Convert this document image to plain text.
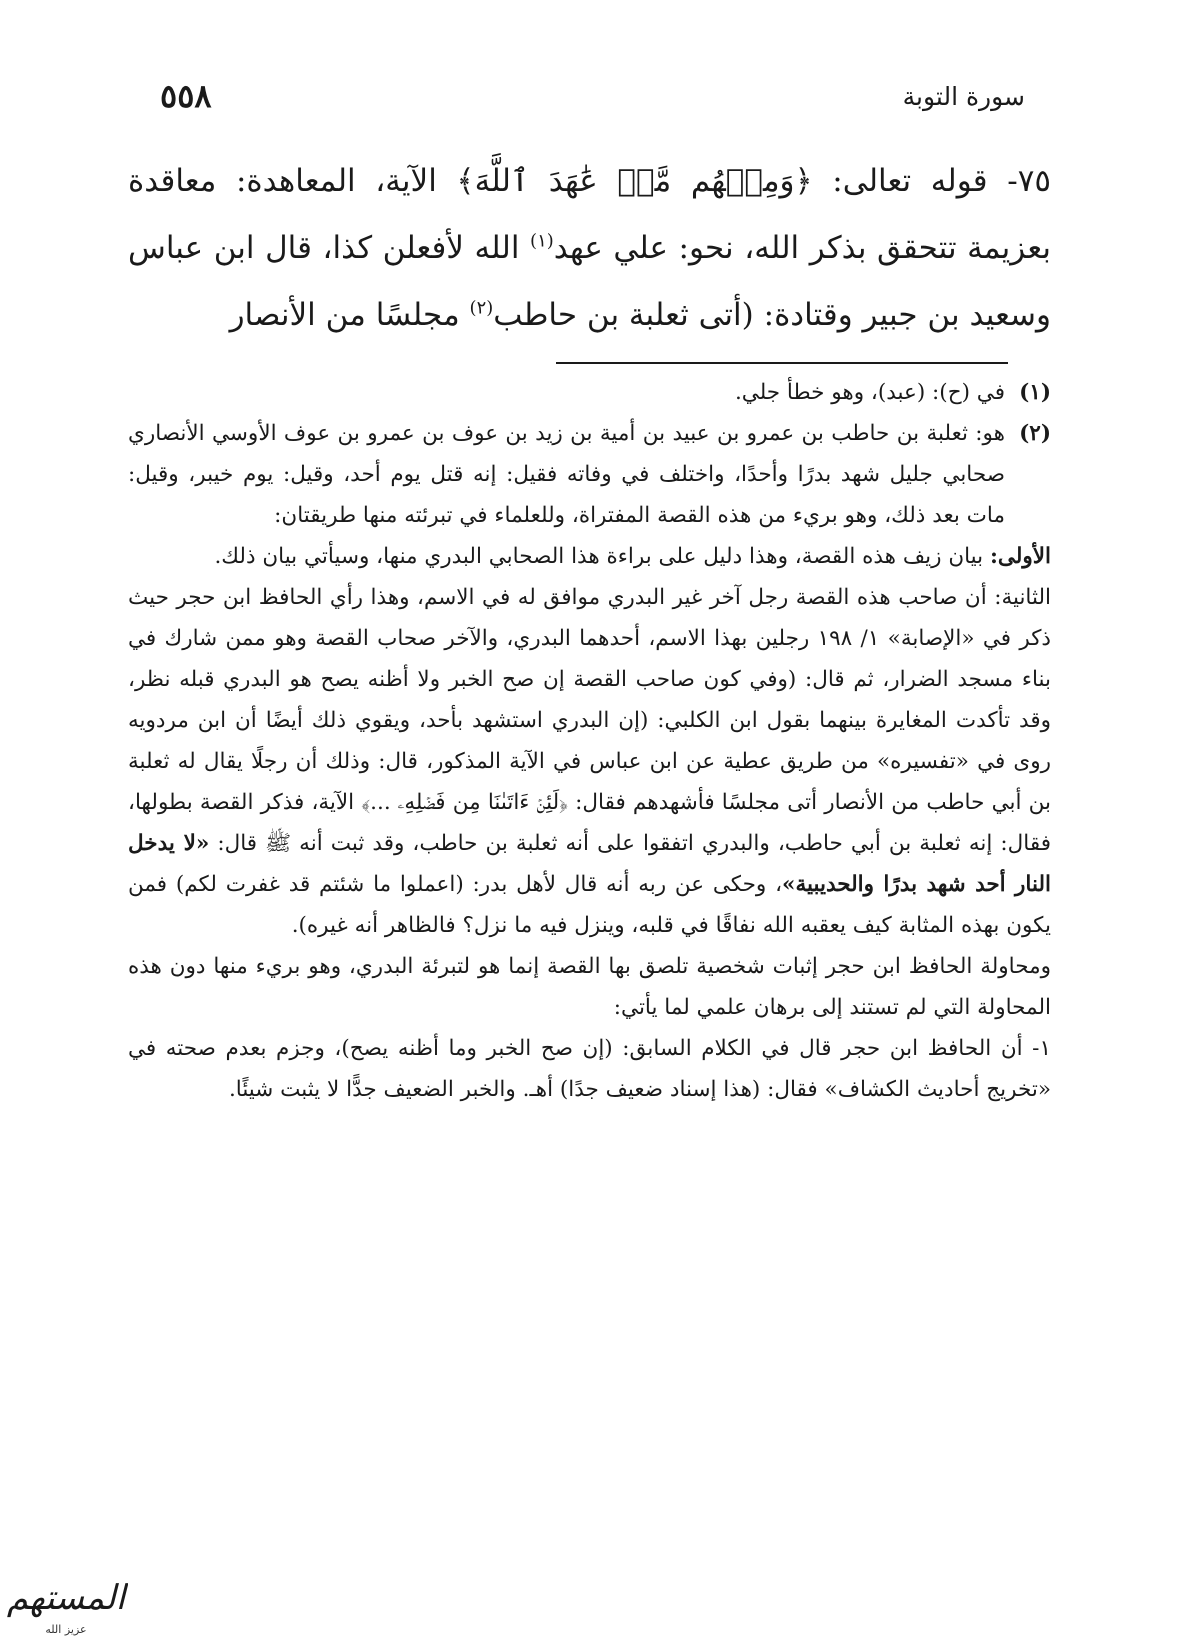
سورة التوبة
٥٥٨

٧٥- قوله تعالى: ﴿وَمِنۡهُم مَّنۡ عَٰهَدَ ٱللَّهَ﴾ الآية، المعاهدة: معاقدة بعزيمة تتحقق بذكر الله، نحو: علي عهد$^{(١)}$ الله لأفعلن كذا، قال ابن عباس وسعيد بن جبير وقتادة: (أتى ثعلبة بن حاطب$^{(٢)}$ مجلسًا من الأنصار

(١)

في (ح): (عبد)، وهو خطأ جلي.

(٢)

هو: ثعلبة بن حاطب بن عمرو بن عبيد بن أمية بن زيد بن عوف بن عمرو بن عوف الأوسي الأنصاري صحابي جليل شهد بدرًا وأحدًا، واختلف في وفاته فقيل: إنه قتل يوم أحد، وقيل: يوم خيبر، وقيل: مات بعد ذلك، وهو بريء من هذه القصة المفتراة، وللعلماء في تبرئته منها طريقتان:

الأولى: بيان زيف هذه القصة، وهذا دليل على براءة هذا الصحابي البدري منها، وسيأتي بيان ذلك.

الثانية: أن صاحب هذه القصة رجل آخر غير البدري موافق له في الاسم، وهذا رأي الحافظ ابن حجر حيث ذكر في «الإصابة» ١/ ١٩٨ رجلين بهذا الاسم، أحدهما البدري، والآخر صحاب القصة وهو ممن شارك في بناء مسجد الضرار، ثم قال: (وفي كون صاحب القصة إن صح الخبر ولا أظنه يصح هو البدري قبله نظر، وقد تأكدت المغايرة بينهما بقول ابن الكلبي: (إن البدري استشهد بأحد، ويقوي ذلك أيضًا أن ابن مردويه روى في «تفسيره» من طريق عطية عن ابن عباس في الآية المذكور، قال: وذلك أن رجلًا يقال له ثعلبة بن أبي حاطب من الأنصار أتى مجلسًا فأشهدهم فقال: ﴿لَئِنۡ ءَاتَىٰنَا مِن فَضۡلِهِۦ ...﴾ الآية، فذكر القصة بطولها، فقال: إنه ثعلبة بن أبي حاطب، والبدري اتفقوا على أنه ثعلبة بن حاطب، وقد ثبت أنه ﷺ قال: «لا يدخل النار أحد شهد بدرًا والحديبية»، وحكى عن ربه أنه قال لأهل بدر: (اعملوا ما شئتم قد غفرت لكم) فمن يكون بهذه المثابة كيف يعقبه الله نفاقًا في قلبه، وينزل فيه ما نزل؟ فالظاهر أنه غيره).

ومحاولة الحافظ ابن حجر إثبات شخصية تلصق بها القصة إنما هو لتبرئة البدري، وهو بريء منها دون هذه المحاولة التي لم تستند إلى برهان علمي لما يأتي:

١- أن الحافظ ابن حجر قال في الكلام السابق: (إن صح الخبر وما أظنه يصح)، وجزم بعدم صحته في «تخريج أحاديث الكشاف» فقال: (هذا إسناد ضعيف جدًا) أهـ. والخبر الضعيف جدًّا لا يثبت شيئًا.

المستهم
عزيز الله
